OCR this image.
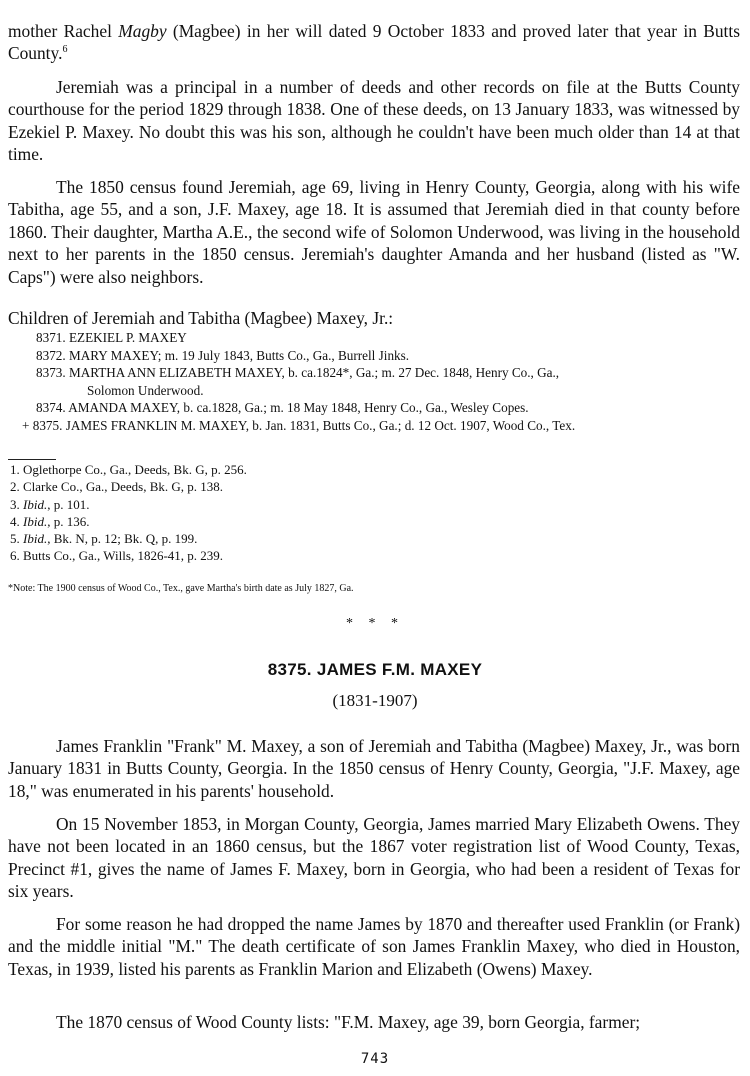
mother Rachel Magby (Magbee) in her will dated 9 October 1833 and proved later that year in Butts County.$^6$

Jeremiah was a principal in a number of deeds and other records on file at the Butts County courthouse for the period 1829 through 1838. One of these deeds, on 13 January 1833, was witnessed by Ezekiel P. Maxey. No doubt this was his son, although he couldn't have been much older than 14 at that time.

The 1850 census found Jeremiah, age 69, living in Henry County, Georgia, along with his wife Tabitha, age 55, and a son, J.F. Maxey, age 18. It is assumed that Jeremiah died in that county before 1860. Their daughter, Martha A.E., the second wife of Solomon Underwood, was living in the household next to her parents in the 1850 census. Jeremiah's daughter Amanda and her husband (listed as "W. Caps") were also neighbors.

Children of Jeremiah and Tabitha (Magbee) Maxey, Jr.:
8371. EZEKIEL P. MAXEY
8372. MARY MAXEY; m. 19 July 1843, Butts Co., Ga., Burrell Jinks.
8373. MARTHA ANN ELIZABETH MAXEY, b. ca.1824*, Ga.; m. 27 Dec. 1848, Henry Co., Ga.,
Solomon Underwood.
8374. AMANDA MAXEY, b. ca.1828, Ga.; m. 18 May 1848, Henry Co., Ga., Wesley Copes.
+ 8375. JAMES FRANKLIN M. MAXEY, b. Jan. 1831, Butts Co., Ga.; d. 12 Oct. 1907, Wood Co., Tex.
1. Oglethorpe Co., Ga., Deeds, Bk. G, p. 256.
2. Clarke Co., Ga., Deeds, Bk. G, p. 138.
3. Ibid., p. 101.
4. Ibid., p. 136.
5. Ibid., Bk. N, p. 12; Bk. Q, p. 199.
6. Butts Co., Ga., Wills, 1826-41, p. 239.
*Note: The 1900 census of Wood Co., Tex., gave Martha's birth date as July 1827, Ga.
* * *
8375. JAMES F.M. MAXEY
(1831-1907)

James Franklin "Frank" M. Maxey, a son of Jeremiah and Tabitha (Magbee) Maxey, Jr., was born January 1831 in Butts County, Georgia. In the 1850 census of Henry County, Georgia, "J.F. Maxey, age 18," was enumerated in his parents' household.

On 15 November 1853, in Morgan County, Georgia, James married Mary Elizabeth Owens. They have not been located in an 1860 census, but the 1867 voter registration list of Wood County, Texas, Precinct #1, gives the name of James F. Maxey, born in Georgia, who had been a resident of Texas for six years.

For some reason he had dropped the name James by 1870 and thereafter used Franklin (or Frank) and the middle initial "M." The death certificate of son James Franklin Maxey, who died in Houston, Texas, in 1939, listed his parents as Franklin Marion and Elizabeth (Owens) Maxey.

The 1870 census of Wood County lists: "F.M. Maxey, age 39, born Georgia, farmer;

743
